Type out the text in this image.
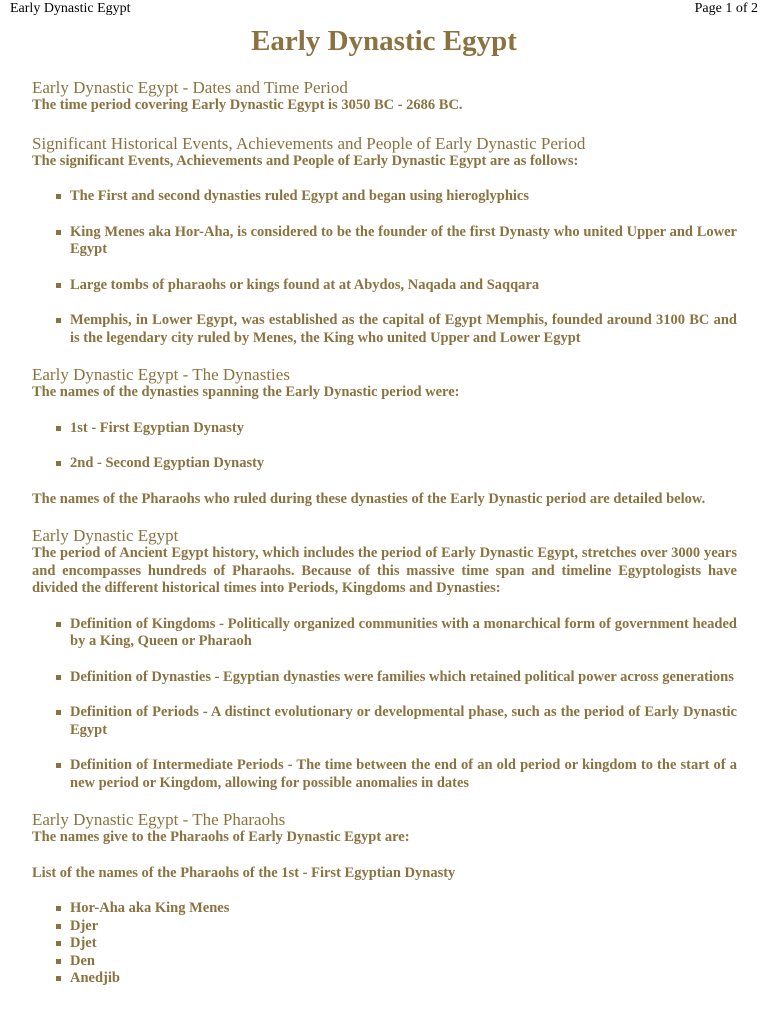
Early Dynastic Egypt	Page 1 of 2
Early Dynastic Egypt
Early Dynastic Egypt - Dates and Time Period

The time period covering Early Dynastic Egypt is 3050 BC - 2686 BC.

Significant Historical Events, Achievements and People of Early Dynastic Period

The significant Events, Achievements and People of Early Dynastic Egypt are as follows:

The First and second dynasties ruled Egypt and began using hieroglyphics
King Menes aka Hor-Aha, is considered to be the founder of the first Dynasty who united Upper and Lower Egypt
Large tombs of pharaohs or kings found at at Abydos, Naqada and Saqqara
Memphis, in Lower Egypt, was established as the capital of Egypt Memphis, founded around 3100 BC and is the legendary city ruled by Menes, the King who united Upper and Lower Egypt
Early Dynastic Egypt - The Dynasties

The names of the dynasties spanning the Early Dynastic period were:

1st - First Egyptian Dynasty
2nd - Second Egyptian Dynasty

The names of the Pharaohs who ruled during these dynasties of the Early Dynastic period are detailed below.

Early Dynastic Egypt

The period of Ancient Egypt history, which includes the period of Early Dynastic Egypt, stretches over 3000 years and encompasses hundreds of Pharaohs. Because of this massive time span and timeline Egyptologists have divided the different historical times into Periods, Kingdoms and Dynasties:

Definition of Kingdoms - Politically organized communities with a monarchical form of government headed by a King, Queen or Pharaoh
Definition of Dynasties - Egyptian dynasties were families which retained political power across generations
Definition of Periods - A distinct evolutionary or developmental phase, such as the period of Early Dynastic Egypt
Definition of Intermediate Periods - The time between the end of an old period or kingdom to the start of a new period or Kingdom, allowing for possible anomalies in dates
Early Dynastic Egypt - The Pharaohs

The names give to the Pharaohs of Early Dynastic Egypt are:

List of the names of the Pharaohs of the 1st - First Egyptian Dynasty

Hor-Aha aka King Menes
Djer
Djet
Den
Anedjib
